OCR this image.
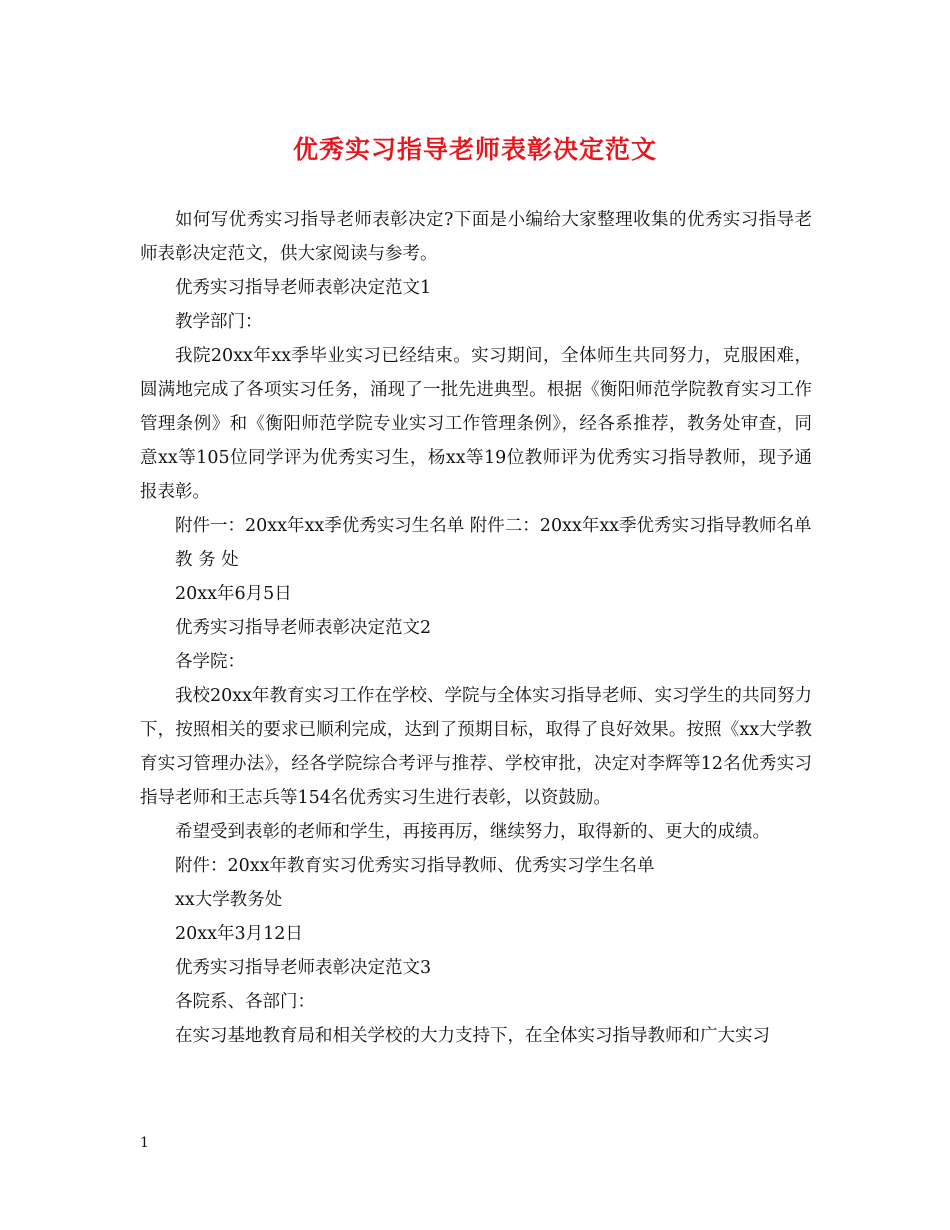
优秀实习指导老师表彰决定范文

如何写优秀实习指导老师表彰决定?下面是小编给大家整理收集的优秀实习指导老师表彰决定范文，供大家阅读与参考。

优秀实习指导老师表彰决定范文1

教学部门：

我院20xx年xx季毕业实习已经结束。实习期间，全体师生共同努力，克服困难，圆满地完成了各项实习任务，涌现了一批先进典型。根据《衡阳师范学院教育实习工作管理条例》和《衡阳师范学院专业实习工作管理条例》，经各系推荐，教务处审查，同意xx等105位同学评为优秀实习生，杨xx等19位教师评为优秀实习指导教师，现予通报表彰。

附件一：20xx年xx季优秀实习生名单 附件二：20xx年xx季优秀实习指导教师名单

教 务 处

20xx年6月5日

优秀实习指导老师表彰决定范文2

各学院：

我校20xx年教育实习工作在学校、学院与全体实习指导老师、实习学生的共同努力下，按照相关的要求已顺利完成，达到了预期目标，取得了良好效果。按照《xx大学教育实习管理办法》，经各学院综合考评与推荐、学校审批，决定对李辉等12名优秀实习指导老师和王志兵等154名优秀实习生进行表彰，以资鼓励。

希望受到表彰的老师和学生，再接再厉，继续努力，取得新的、更大的成绩。

附件：20xx年教育实习优秀实习指导教师、优秀实习学生名单

xx大学教务处

20xx年3月12日

优秀实习指导老师表彰决定范文3

各院系、各部门：

在实习基地教育局和相关学校的大力支持下，在全体实习指导教师和广大实习

1
